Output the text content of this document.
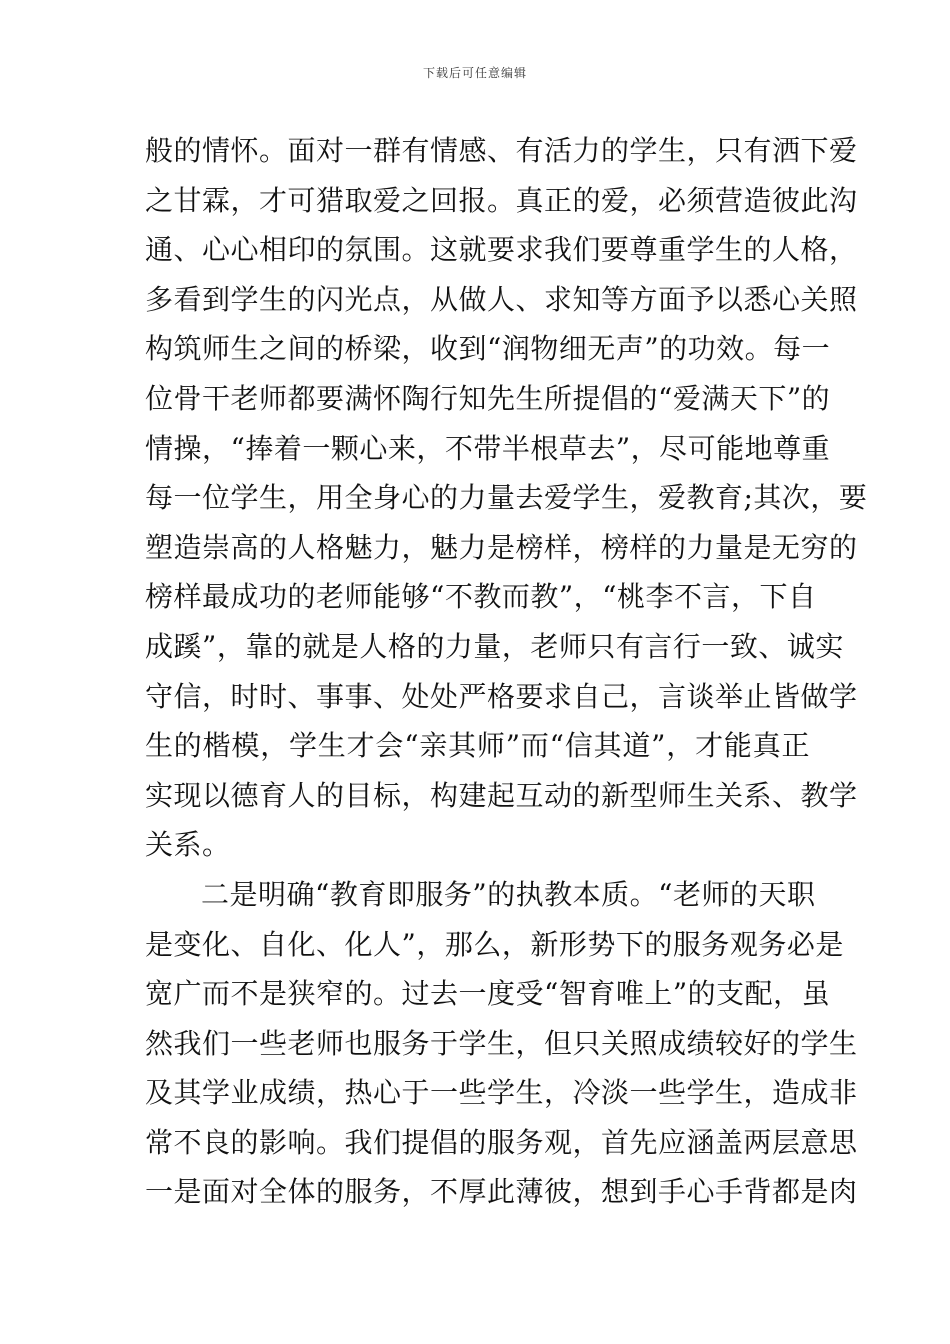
下载后可任意编辑
般的情怀。面对一群有情感、有活力的学生，只有洒下爱
之甘霖，才可猎取爱之回报。真正的爱，必须营造彼此沟
通、心心相印的氛围。这就要求我们要尊重学生的人格，
多看到学生的闪光点，从做人、求知等方面予以悉心关照
构筑师生之间的桥梁，收到“润物细无声”的功效。每一
位骨干老师都要满怀陶行知先生所提倡的“爱满天下”的
情操，“捧着一颗心来，不带半根草去”，尽可能地尊重
每一位学生，用全身心的力量去爱学生，爱教育;其次，要
塑造崇高的人格魅力，魅力是榜样，榜样的力量是无穷的
榜样最成功的老师能够“不教而教”，“桃李不言，下自
成蹊”，靠的就是人格的力量，老师只有言行一致、诚实
守信，时时、事事、处处严格要求自己，言谈举止皆做学
生的楷模，学生才会“亲其师”而“信其道”，才能真正
实现以德育人的目标，构建起互动的新型师生关系、教学
关系。
二是明确“教育即服务”的执教本质。“老师的天职
是变化、自化、化人”，那么，新形势下的服务观务必是
宽广而不是狭窄的。过去一度受“智育唯上”的支配，虽
然我们一些老师也服务于学生，但只关照成绩较好的学生
及其学业成绩，热心于一些学生，冷淡一些学生，造成非
常不良的影响。我们提倡的服务观，首先应涵盖两层意思
一是面对全体的服务，不厚此薄彼，想到手心手背都是肉
